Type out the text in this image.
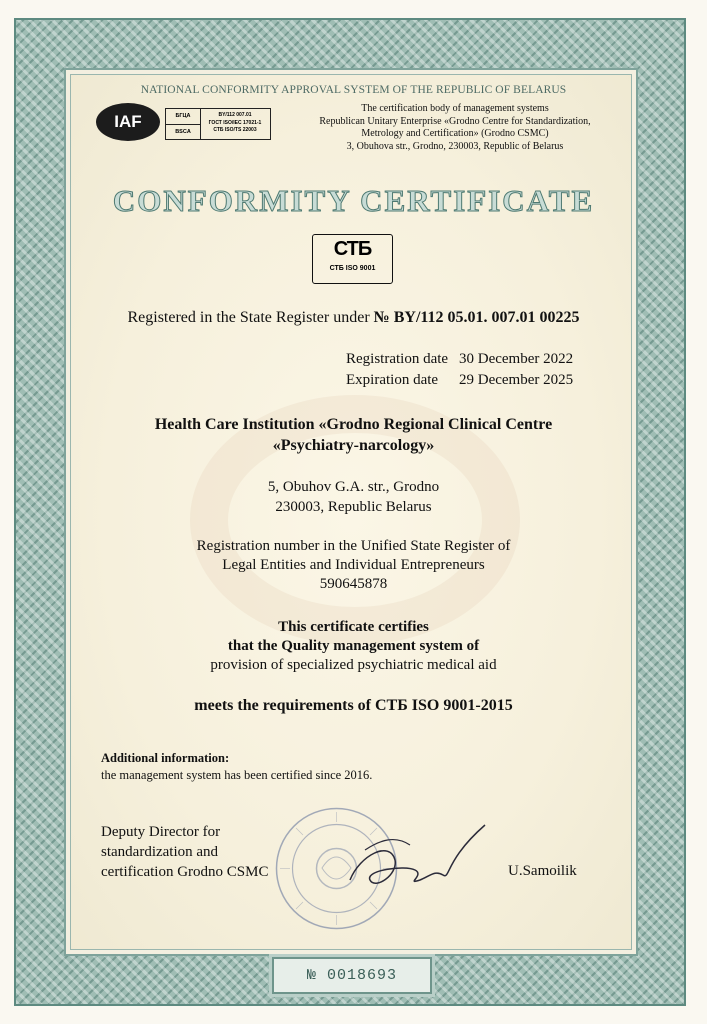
NATIONAL CONFORMITY APPROVAL SYSTEM OF THE REPUBLIC OF BELARUS
IAF	БГЦА
BSCA
BY/112 007.01
ГОСТ ISO/IEC 17021-1
СТБ ISO/TS 22003
The certification body of management systems
Republican Unitary Enterprise «Grodno Centre for Standardization,
Metrology and Certification» (Grodno CSMC)
3, Obuhova str., Grodno, 230003, Republic of Belarus
CONFORMITY CERTIFICATE
СТБ
СТБ ISO 9001
Registered in the State Register under № BY/112 05.01. 007.01 00225
Registration date 30 December 2022
Expiration date 29 December 2025
Health Care Institution «Grodno Regional Clinical Centre
«Psychiatry-narcology»
5, Obuhov G.A. str., Grodno
230003, Republic Belarus
Registration number in the Unified State Register of
Legal Entities and Individual Entrepreneurs
590645878
This certificate certifies
that the Quality management system of
provision of specialized psychiatric medical aid
meets the requirements of СТБ ISO 9001-2015
Additional information:
the management system has been certified since 2016.
Deputy Director for
standardization and
certification Grodno CSMC	U.Samoilik
№ 0018693
